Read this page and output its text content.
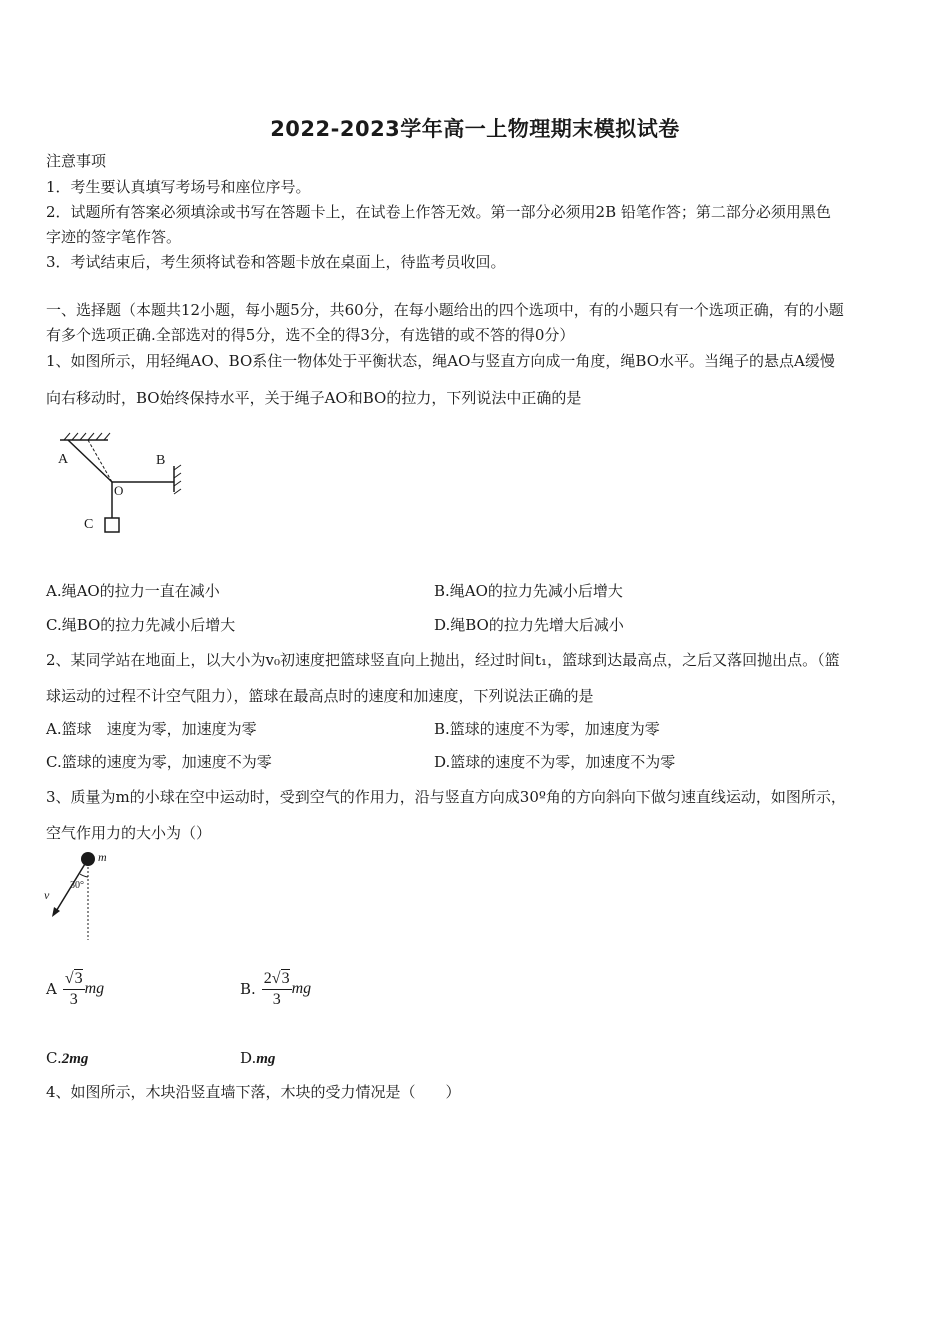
2022-2023学年高一上物理期末模拟试卷
注意事项
1．考生要认真填写考场号和座位序号。
2．试题所有答案必须填涂或书写在答题卡上，在试卷上作答无效。第一部分必须用2B 铅笔作答；第二部分必须用黑色
字迹的签字笔作答。
3．考试结束后，考生须将试卷和答题卡放在桌面上，待监考员收回。
一、选择题（本题共12小题，每小题5分，共60分，在每小题给出的四个选项中，有的小题只有一个选项正确，有的小题
有多个选项正确.全部选对的得5分，选不全的得3分，有选错的或不答的得0分）
1、如图所示，用轻绳AO、BO系住一物体处于平衡状态，绳AO与竖直方向成一角度，绳BO水平。当绳子的悬点A缓慢
向右移动时，BO始终保持水平，关于绳子AO和BO的拉力，下列说法中正确的是
A	B
O
C
A.绳AO的拉力一直在减小	B.绳AO的拉力先减小后增大
C.绳BO的拉力先减小后增大	D.绳BO的拉力先增大后减小
2、某同学站在地面上，以大小为v₀初速度把篮球竖直向上抛出，经过时间t₁，篮球到达最高点，之后又落回抛出点。（篮
球运动的过程不计空气阻力），篮球在最高点时的速度和加速度，下列说法正确的是
A.篮球　速度为零，加速度为零	B.篮球的速度不为零，加速度为零
C.篮球的速度为零，加速度不为零	D.篮球的速度不为零，加速度不为零
3、质量为m的小球在空中运动时，受到空气的作用力，沿与竖直方向成30º角的方向斜向下做匀速直线运动，如图所示，
空气作用力的大小为（）
m
v
30°
A $\frac{√3}{3}$ mg	B. $\frac{2√3}{3}$ mg
C.2mg	D.mg
4、如图所示，木块沿竖直墙下落，木块的受力情况是（　　）
